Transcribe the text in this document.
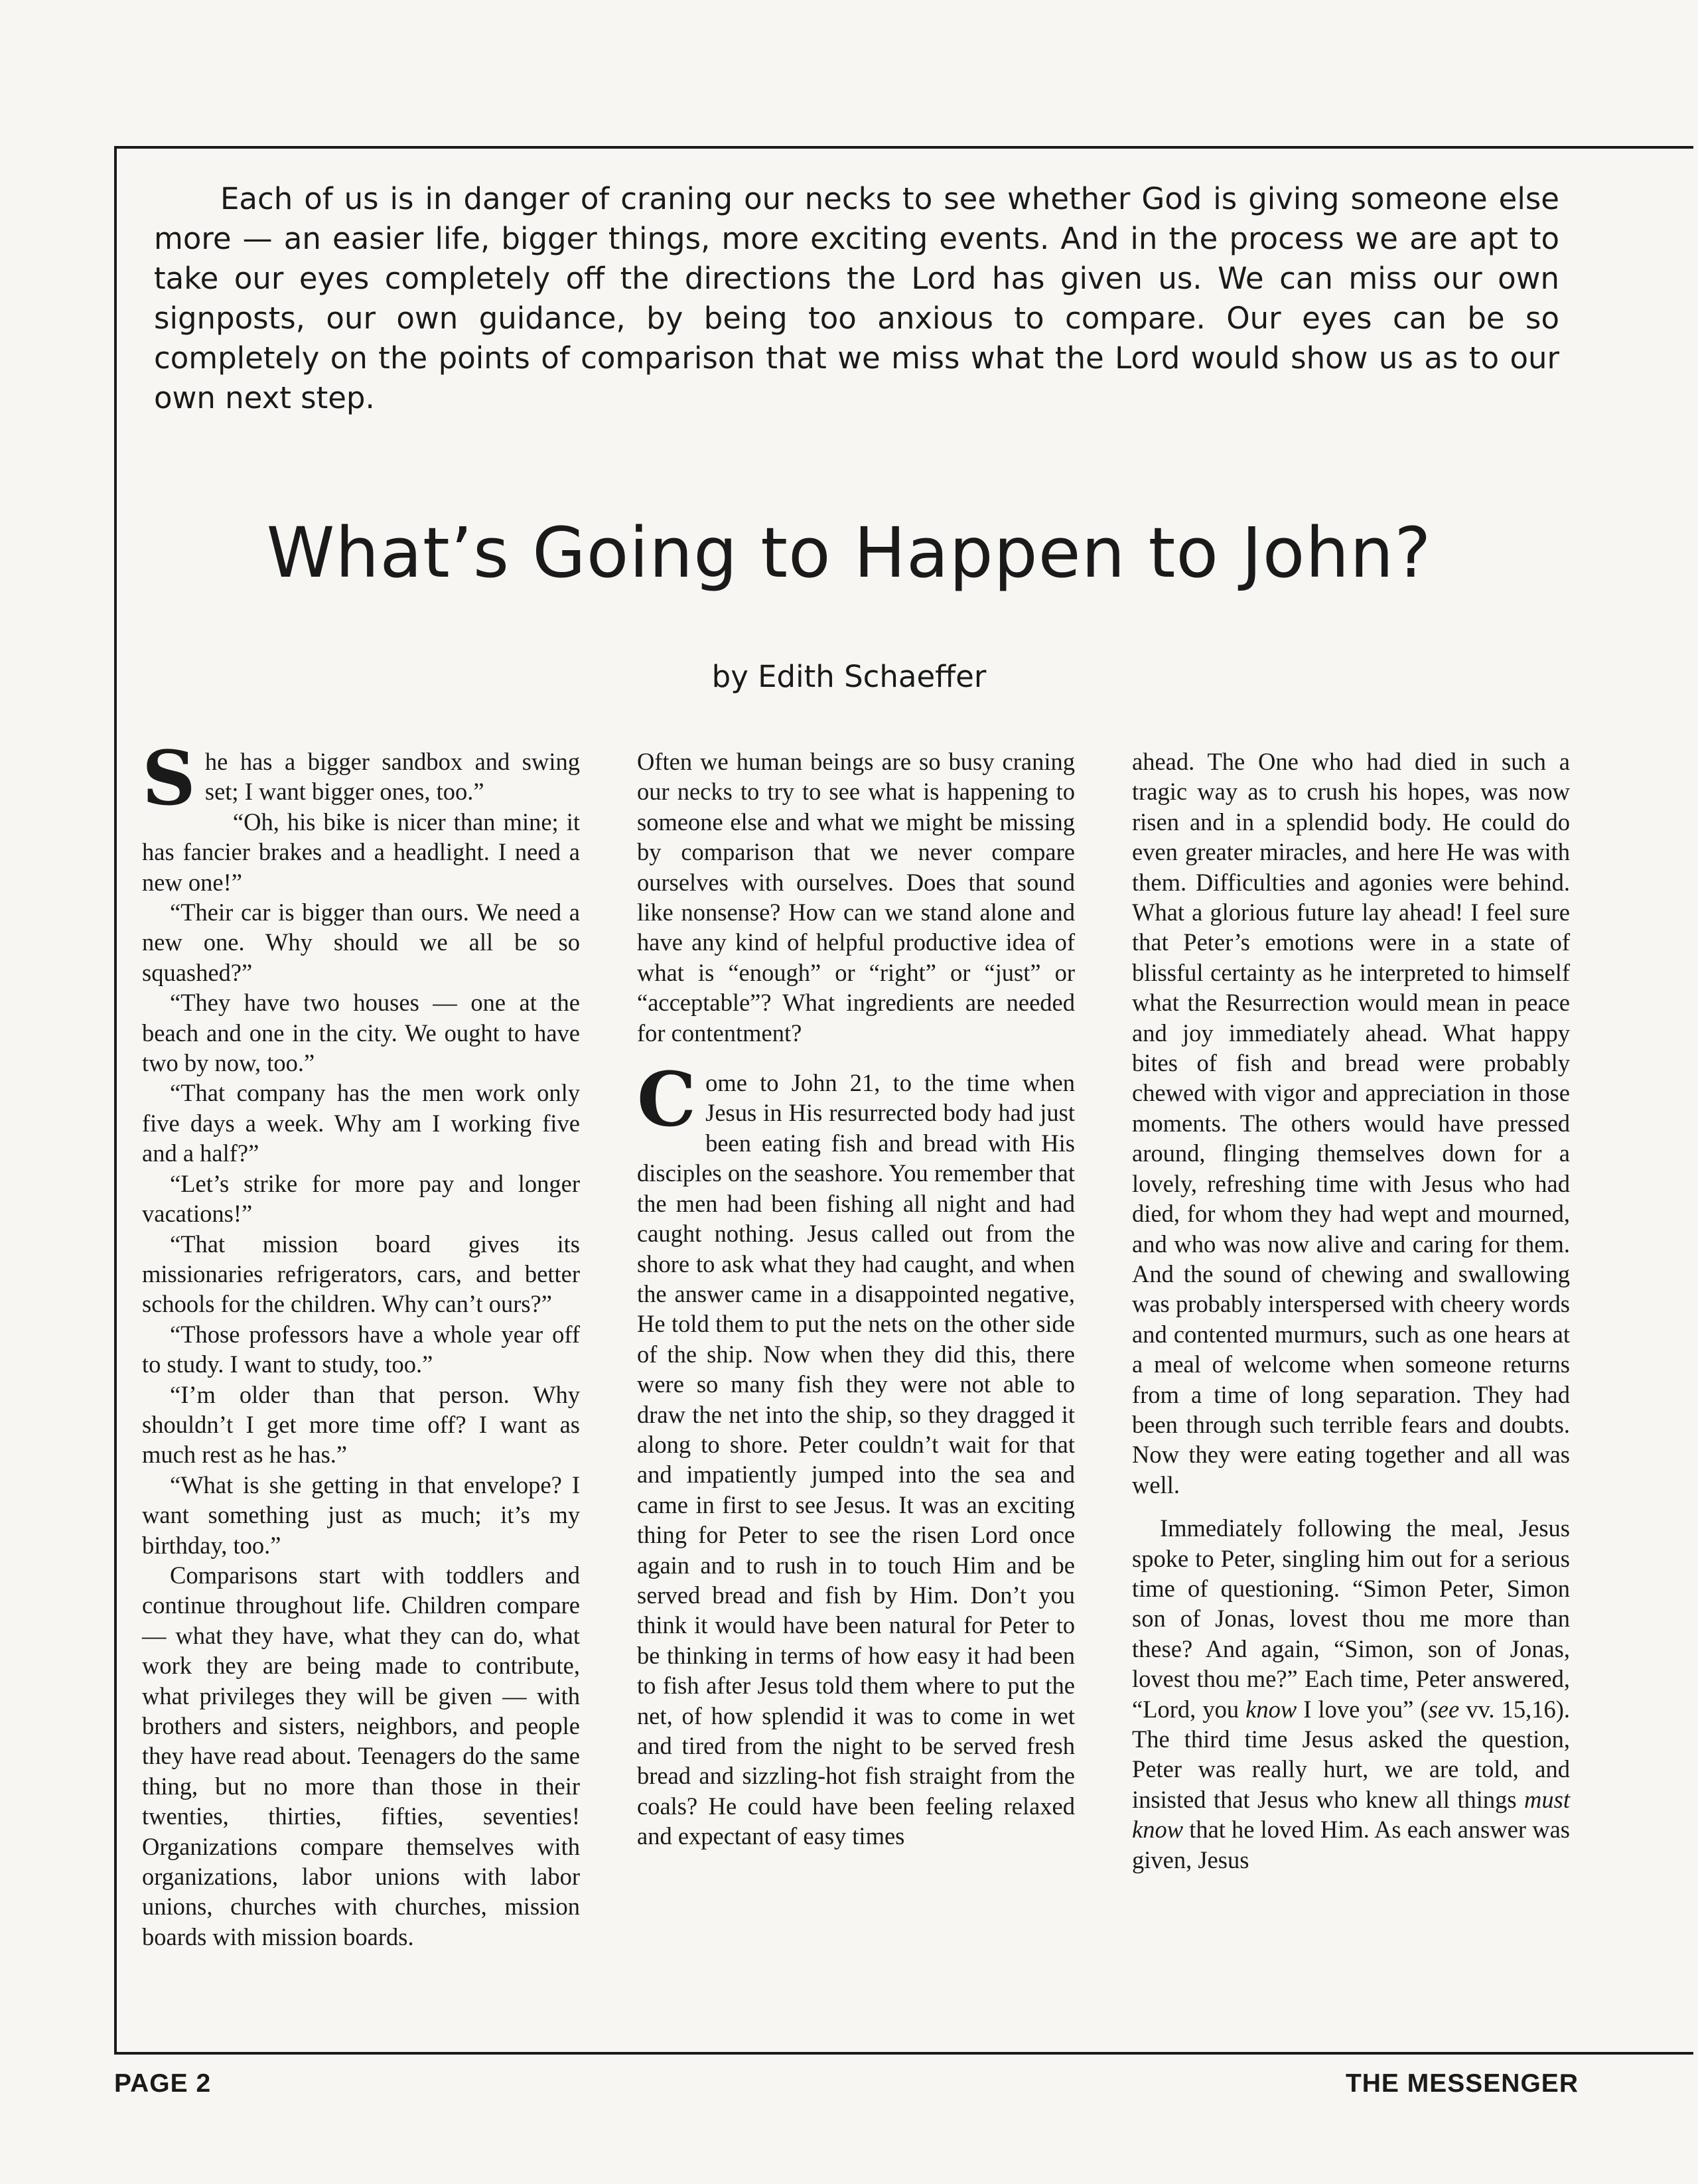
Each of us is in danger of craning our necks to see whether God is giving someone else more — an easier life, bigger things, more exciting events. And in the process we are apt to take our eyes completely off the directions the Lord has given us. We can miss our own signposts, our own guidance, by being too anxious to compare. Our eyes can be so completely on the points of comparison that we miss what the Lord would show us as to our own next step.

What’s Going to Happen to John?
by Edith Schaeffer

She has a bigger sandbox and swing set; I want bigger ones, too.”

“Oh, his bike is nicer than mine; it has fancier brakes and a headlight. I need a new one!”

“Their car is bigger than ours. We need a new one. Why should we all be so squashed?”

“They have two houses — one at the beach and one in the city. We ought to have two by now, too.”

“That company has the men work only five days a week. Why am I working five and a half?”

“Let’s strike for more pay and longer vacations!”

“That mission board gives its missionaries refrigerators, cars, and better schools for the children. Why can’t ours?”

“Those professors have a whole year off to study. I want to study, too.”

“I’m older than that person. Why shouldn’t I get more time off? I want as much rest as he has.”

“What is she getting in that envelope? I want something just as much; it’s my birthday, too.”

Comparisons start with toddlers and continue throughout life. Children compare — what they have, what they can do, what work they are being made to contribute, what privileges they will be given — with brothers and sisters, neighbors, and people they have read about. Teenagers do the same thing, but no more than those in their twenties, thirties, fifties, seventies! Organizations compare themselves with organizations, labor unions with labor unions, churches with churches, mission boards with mission boards.

Often we human beings are so busy craning our necks to try to see what is happening to someone else and what we might be missing by comparison that we never compare ourselves with ourselves. Does that sound like nonsense? How can we stand alone and have any kind of helpful productive idea of what is “enough” or “right” or “just” or “acceptable”? What ingredients are needed for contentment?

Come to John 21, to the time when Jesus in His resurrected body had just been eating fish and bread with His disciples on the seashore. You remember that the men had been fishing all night and had caught nothing. Jesus called out from the shore to ask what they had caught, and when the answer came in a disappointed negative, He told them to put the nets on the other side of the ship. Now when they did this, there were so many fish they were not able to draw the net into the ship, so they dragged it along to shore. Peter couldn’t wait for that and impatiently jumped into the sea and came in first to see Jesus. It was an exciting thing for Peter to see the risen Lord once again and to rush in to touch Him and be served bread and fish by Him. Don’t you think it would have been natural for Peter to be thinking in terms of how easy it had been to fish after Jesus told them where to put the net, of how splendid it was to come in wet and tired from the night to be served fresh bread and sizzling-hot fish straight from the coals? He could have been feeling relaxed and expectant of easy times

ahead. The One who had died in such a tragic way as to crush his hopes, was now risen and in a splendid body. He could do even greater miracles, and here He was with them. Difficulties and agonies were behind. What a glorious future lay ahead! I feel sure that Peter’s emotions were in a state of blissful certainty as he interpreted to himself what the Resurrection would mean in peace and joy immediately ahead. What happy bites of fish and bread were probably chewed with vigor and appreciation in those moments. The others would have pressed around, flinging themselves down for a lovely, refreshing time with Jesus who had died, for whom they had wept and mourned, and who was now alive and caring for them. And the sound of chewing and swallowing was probably interspersed with cheery words and contented murmurs, such as one hears at a meal of welcome when someone returns from a time of long separation. They had been through such terrible fears and doubts. Now they were eating together and all was well.

Immediately following the meal, Jesus spoke to Peter, singling him out for a serious time of questioning. “Simon Peter, Simon son of Jonas, lovest thou me more than these? And again, “Simon, son of Jonas, lovest thou me?” Each time, Peter answered, “Lord, you know I love you” (see vv. 15,16). The third time Jesus asked the question, Peter was really hurt, we are told, and insisted that Jesus who knew all things must know that he loved Him. As each answer was given, Jesus

PAGE 2	THE MESSENGER
